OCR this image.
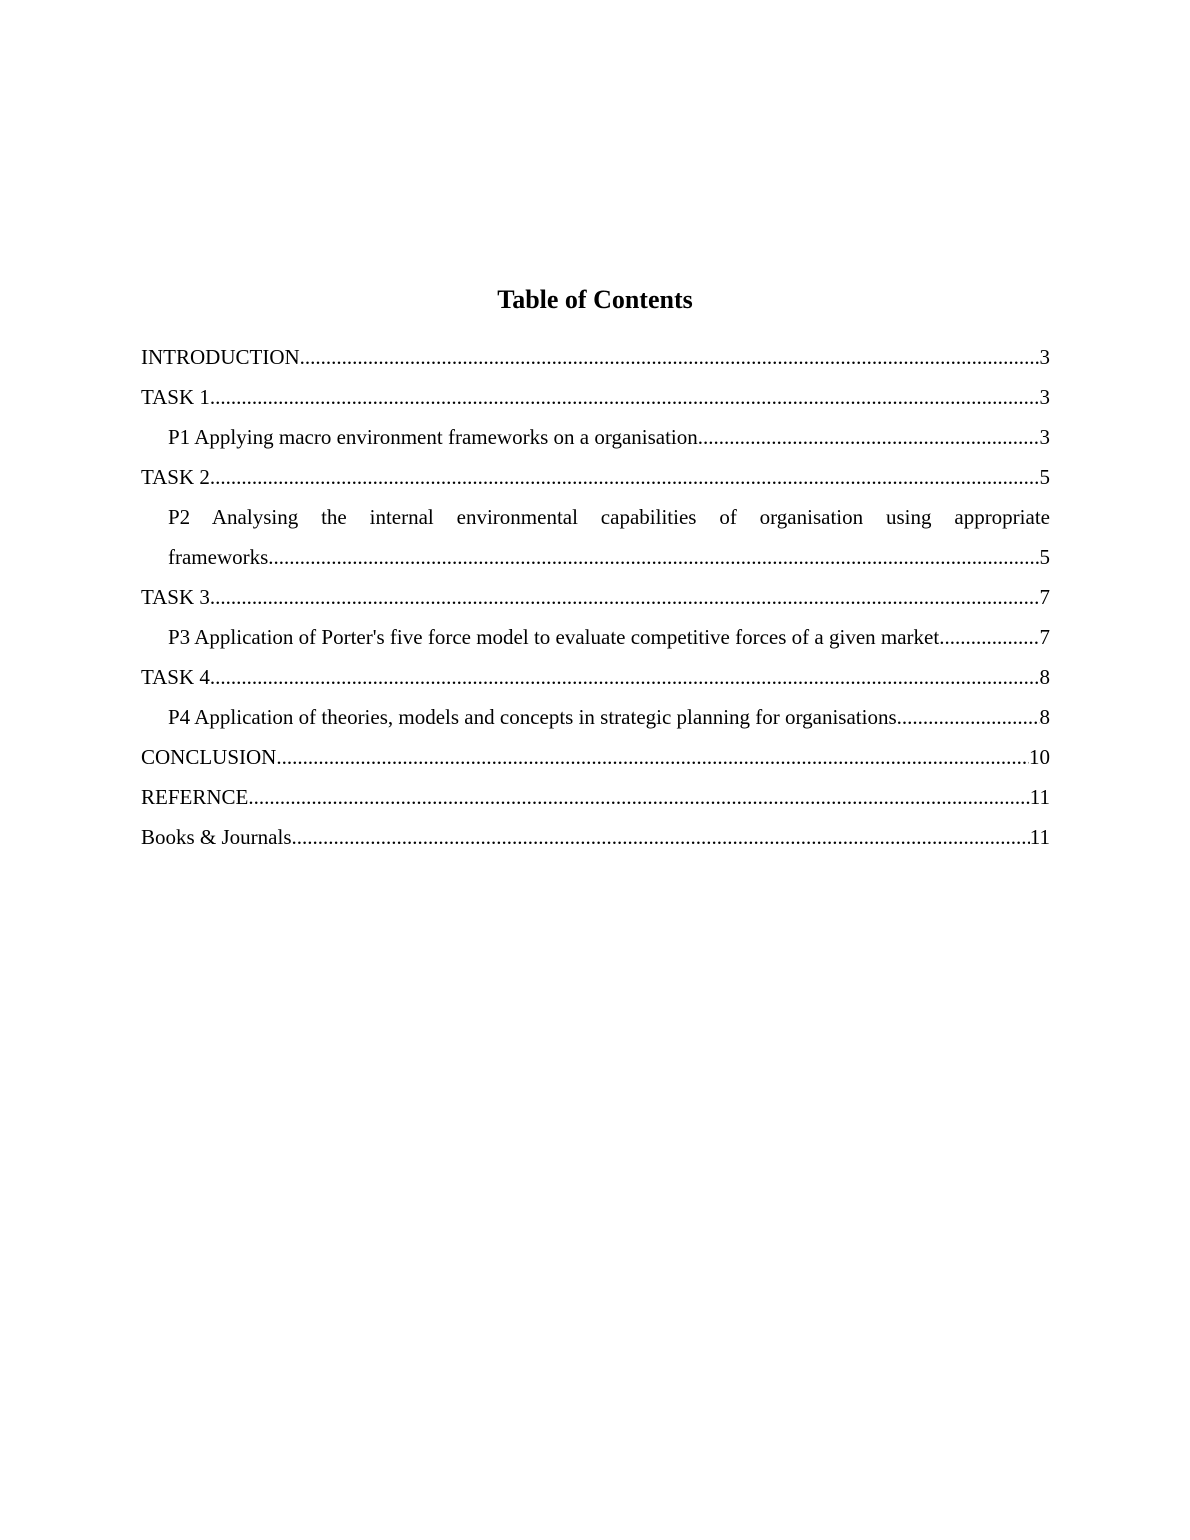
Table of Contents
INTRODUCTION .....	3
TASK 1 .....	3
P1 Applying macro environment frameworks on a organisation .....	3
TASK 2 .....	5
P2 Analysing the internal environmental capabilities of organisation using appropriate
frameworks .....	5
TASK 3 .....	7
P3 Application of Porter's five force model to evaluate competitive forces of a given market .....	7
TASK 4 .....	8
P4 Application of theories, models and concepts in strategic planning for organisations. .....	8
CONCLUSION .....	10
REFERNCE .....	11
Books & Journals .....	11
